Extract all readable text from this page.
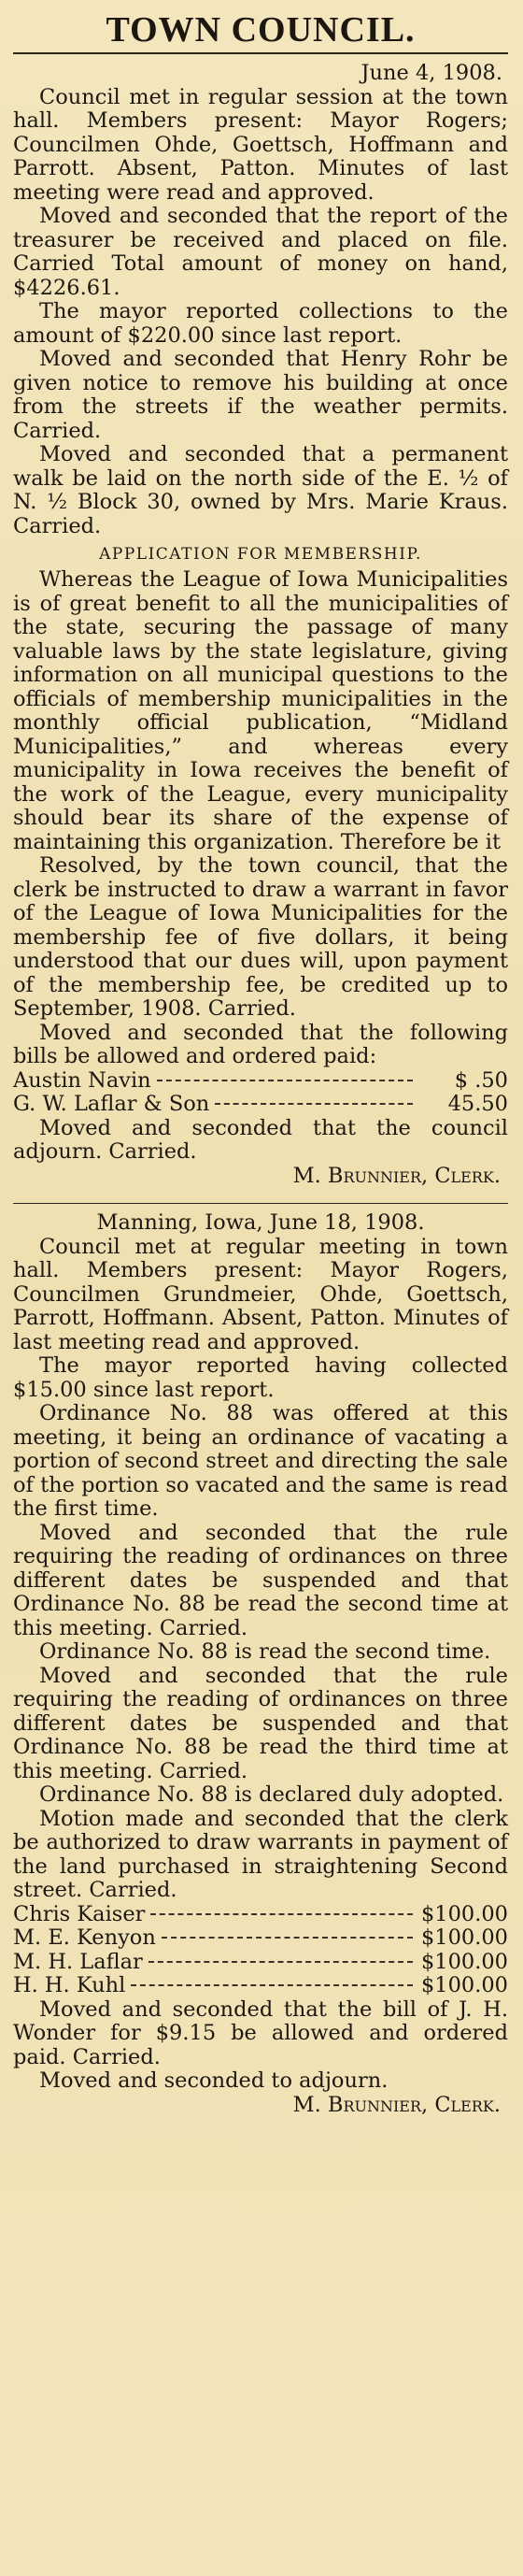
TOWN COUNCIL.
June 4, 1908.

Council met in regular session at the town hall. Members present: Mayor Rogers; Councilmen Ohde, Goettsch, Hoffmann and Parrott. Absent, Patton. Minutes of last meeting were read and approved.

Moved and seconded that the report of the treasurer be received and placed on file. Carried Total amount of money on hand, $4226.61.

The mayor reported collections to the amount of $220.00 since last report.

Moved and seconded that Henry Rohr be given notice to remove his building at once from the streets if the weather permits. Carried.

Moved and seconded that a permanent walk be laid on the north side of the E. ½ of N. ½ Block 30, owned by Mrs. Marie Kraus. Carried.

APPLICATION FOR MEMBERSHIP.

Whereas the League of Iowa Municipalities is of great benefit to all the municipalities of the state, securing the passage of many valuable laws by the state legislature, giving information on all municipal questions to the officials of membership municipalities in the monthly official publication, “Midland Municipalities,” and whereas every municipality in Iowa receives the benefit of the work of the League, every municipality should bear its share of the expense of maintaining this organization. Therefore be it

Resolved, by the town council, that the clerk be instructed to draw a warrant in favor of the League of Iowa Municipalities for the membership fee of five dollars, it being understood that our dues will, upon payment of the membership fee, be credited up to September, 1908. Carried.

Moved and seconded that the following bills be allowed and ordered paid:

Austin Navin	$ .50
G. W. Laflar & Son	45.50

Moved and seconded that the council adjourn. Carried.

M. Brunnier, Clerk.
Manning, Iowa, June 18, 1908.

Council met at regular meeting in town hall. Members present: Mayor Rogers, Councilmen Grundmeier, Ohde, Goettsch, Parrott, Hoffmann. Absent, Patton. Minutes of last meeting read and approved.

The mayor reported having collected $15.00 since last report.

Ordinance No. 88 was offered at this meeting, it being an ordinance of vacating a portion of second street and directing the sale of the portion so vacated and the same is read the first time.

Moved and seconded that the rule requiring the reading of ordinances on three different dates be suspended and that Ordinance No. 88 be read the second time at this meeting. Carried.

Ordinance No. 88 is read the second time.

Moved and seconded that the rule requiring the reading of ordinances on three different dates be suspended and that Ordinance No. 88 be read the third time at this meeting. Carried.

Ordinance No. 88 is declared duly adopted.

Motion made and seconded that the clerk be authorized to draw warrants in payment of the land purchased in straightening Second street. Carried.

Chris Kaiser	$100.00
M. E. Kenyon	$100.00
M. H. Laflar	$100.00
H. H. Kuhl	$100.00

Moved and seconded that the bill of J. H. Wonder for $9.15 be allowed and ordered paid. Carried.

Moved and seconded to adjourn.

M. Brunnier, Clerk.
